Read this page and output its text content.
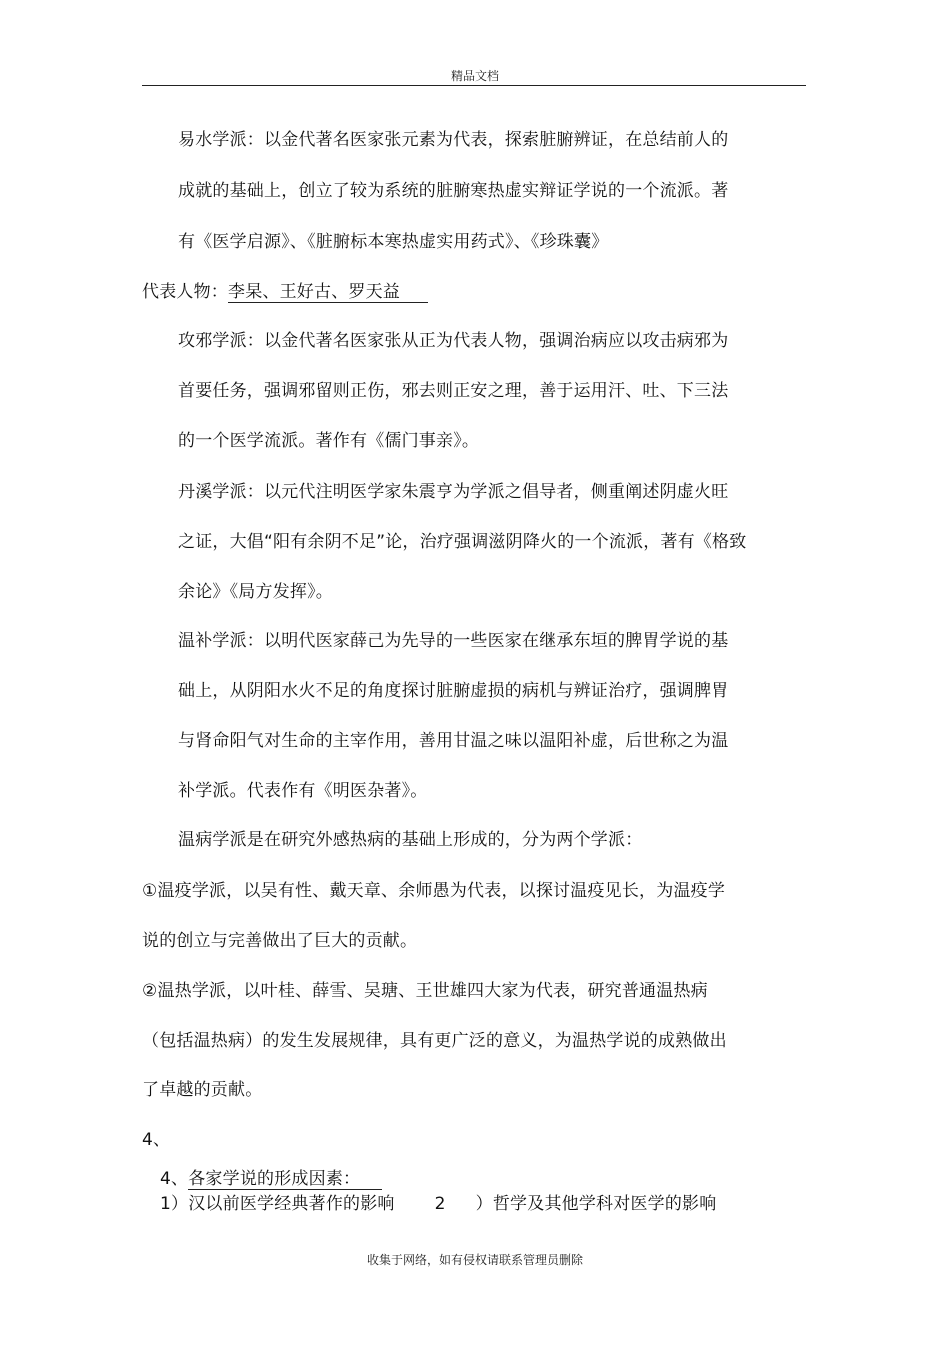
精品文档
易水学派：以金代著名医家张元素为代表，探索脏腑辨证，在总结前人的
成就的基础上，创立了较为系统的脏腑寒热虚实辩证学说的一个流派。著
有《医学启源》、《脏腑标本寒热虚实用药式》、《珍珠囊》
代表人物：李杲、王好古、罗天益
攻邪学派：以金代著名医家张从正为代表人物，强调治病应以攻击病邪为
首要任务，强调邪留则正伤，邪去则正安之理，善于运用汗、吐、下三法
的一个医学流派。著作有《儒门事亲》。
丹溪学派：以元代注明医学家朱震亨为学派之倡导者，侧重阐述阴虚火旺
之证，大倡“阳有余阴不足”论，治疗强调滋阴降火的一个流派，著有《格致
余论》《局方发挥》。
温补学派：以明代医家薛己为先导的一些医家在继承东垣的脾胃学说的基
础上，从阴阳水火不足的角度探讨脏腑虚损的病机与辨证治疗，强调脾胃
与肾命阳气对生命的主宰作用，善用甘温之味以温阳补虚，后世称之为温
补学派。代表作有《明医杂著》。
温病学派是在研究外感热病的基础上形成的，分为两个学派：
①温疫学派，以吴有性、戴天章、余师愚为代表，以探讨温疫见长，为温疫学
说的创立与完善做出了巨大的贡献。
②温热学派，以叶桂、薛雪、吴瑭、王世雄四大家为代表，研究普通温热病
（包括温热病）的发生发展规律，具有更广泛的意义，为温热学说的成熟做出
了卓越的贡献。
4、
4、各家学说的形成因素：
1）汉以前医学经典著作的影响 2 ）哲学及其他学科对医学的影响
收集于网络，如有侵权请联系管理员删除
